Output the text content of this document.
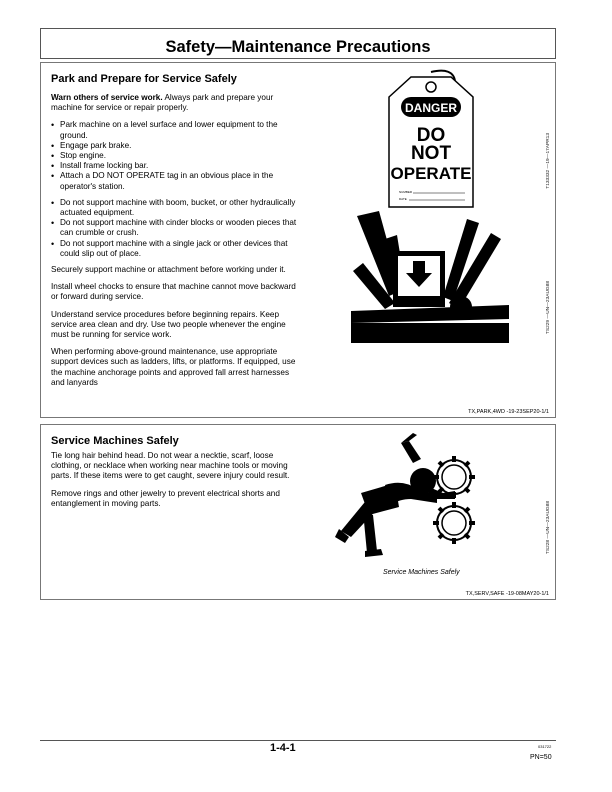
Safety—Maintenance Precautions
Park and Prepare for Service Safely

Warn others of service work. Always park and prepare your machine for service or repair properly.

• Park machine on a level surface and lower equipment to the ground.
• Engage park brake.
• Stop engine.
• Install frame locking bar.
• Attach a DO NOT OPERATE tag in an obvious place in the operator's station.
• Do not support machine with boom, bucket, or other hydraulically actuated equipment.
• Do not support machine with cinder blocks or wooden pieces that can crumble or crush.
• Do not support machine with a single jack or other devices that could slip out of place.

Securely support machine or attachment before working under it.

Install wheel chocks to ensure that machine cannot move backward or forward during service.

Understand service procedures before beginning repairs. Keep service area clean and dry. Use two people whenever the engine must be running for service work.

When performing above-ground maintenance, use appropriate support devices such as ladders, lifts, or platforms. If equipped, use the machine anchorage points and approved fall arrest harnesses and lanyards

DANGER
DO
NOT
OPERATE
NUMBER
DATE
T133332 —19—17APR13
TS229 —UN—23AUG88
TX,PARK,4WD -19-23SEP20-1/1
Service Machines Safely

Tie long hair behind head. Do not wear a necktie, scarf, loose clothing, or necklace when working near machine tools or moving parts. If these items were to get caught, severe injury could result.

Remove rings and other jewelry to prevent electrical shorts and entanglement in moving parts.

Service Machines Safely
TS228 —UN—23AUG88
TX,SERV,SAFE -19-08MAY20-1/1
1-4-1	031722
PN=50
